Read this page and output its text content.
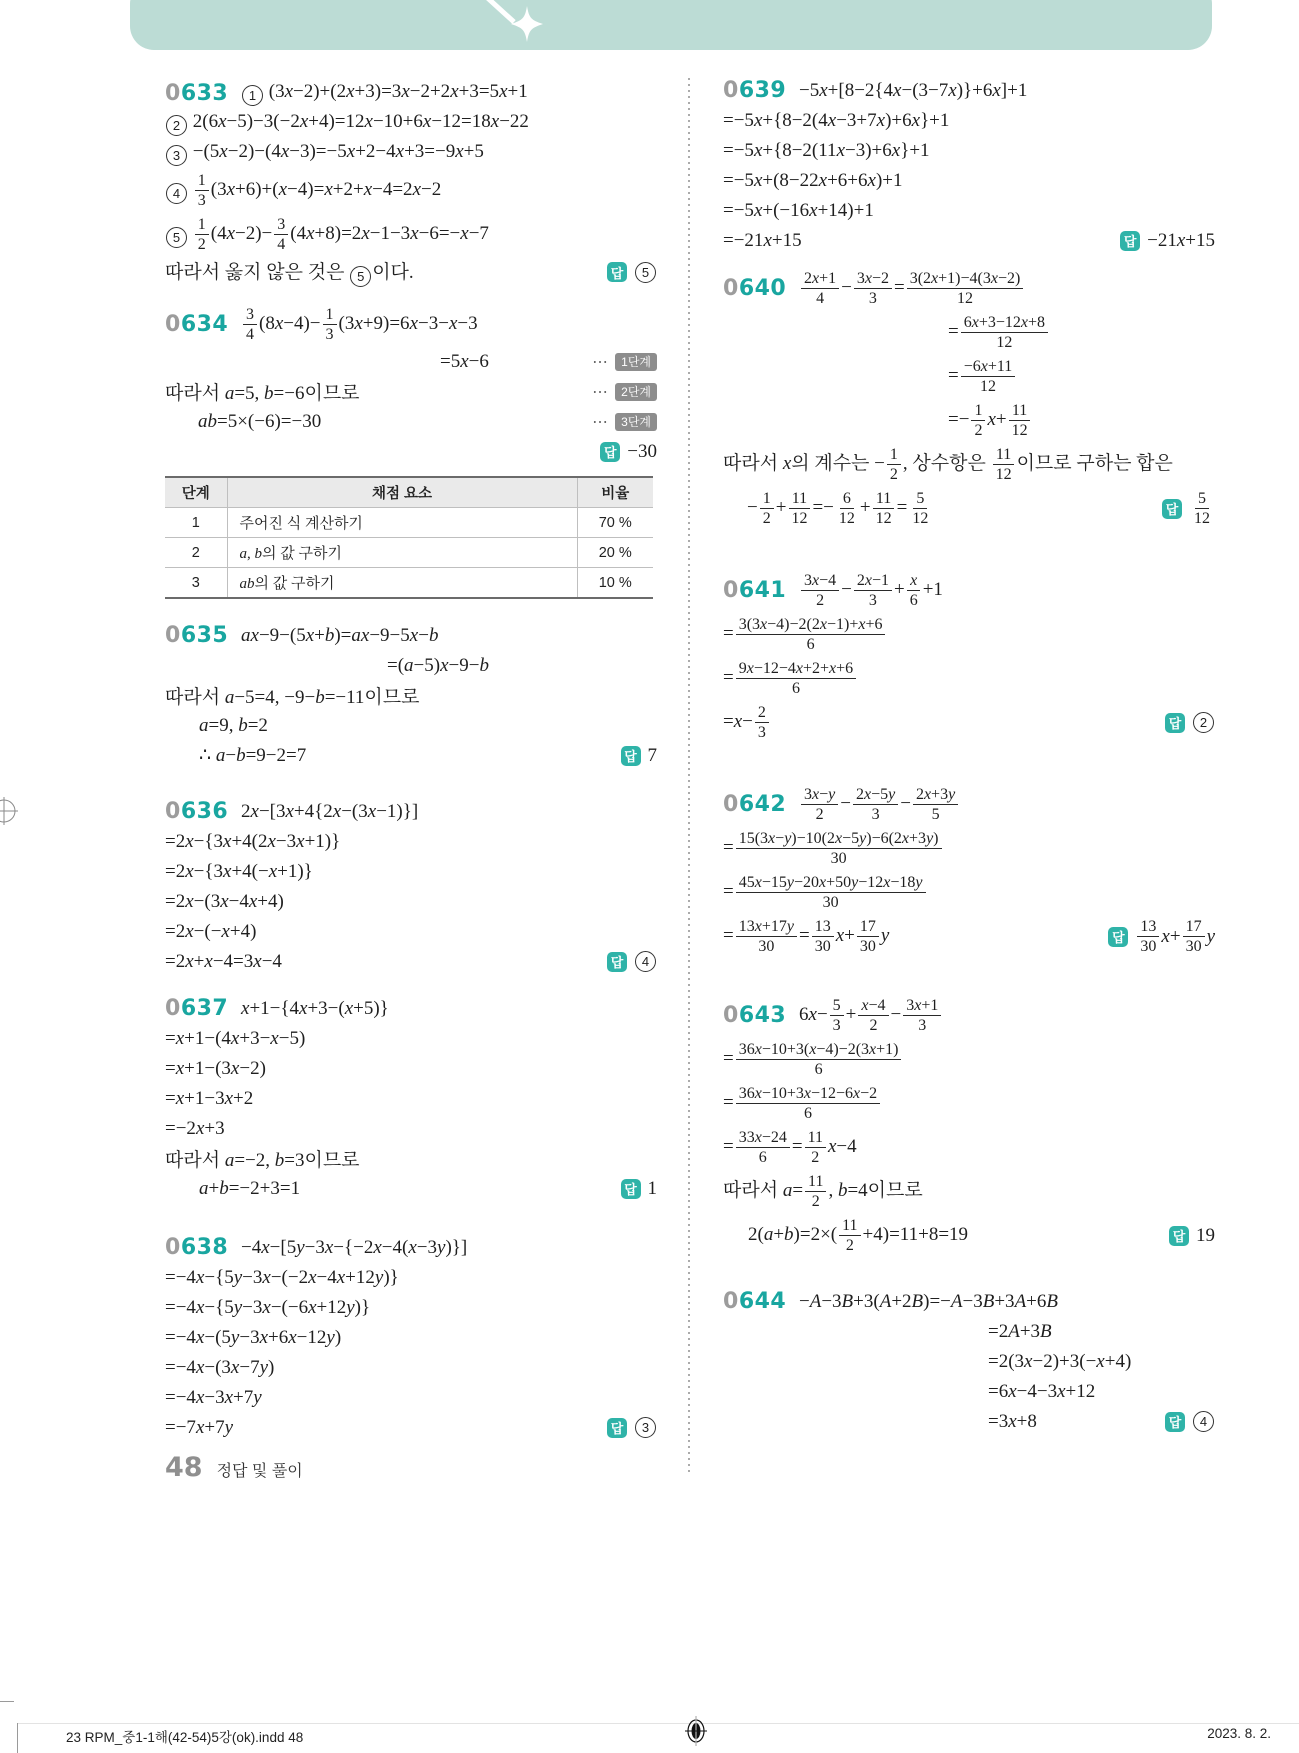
0633	1 (3x−2)+(2x+3)=3x−2+2x+3=5x+1
2 2(6x−5)−3(−2x+4)=12x−10+6x−12=18x−22
3 −(5x−2)−(4x−3)=−5x+2−4x+3=−9x+5
$4 \frac{1}{3} (3x+6)+(x-4)=x+2+x-4=2x-2$
$5 \frac{1}{2} (4x-2)- \frac{3}{4} (4x+8)=2x-1-3x-6=-x-7$
따라서 옳지 않은 것은 5 이다.	답	5
$0634 \frac{3}{4} (8x-4)- \frac{1}{3} (3x+9)=6x-3-x-3$
=5x−6	⋯	1단계
따라서 a=5, b=−6이므로	⋯	2단계
ab=5×(−6)=−30	⋯	3단계
답 −30
0635 ax−9−(5x+b)=ax−9−5x−b
=(a−5)x−9−b
따라서 a−5=4, −9−b=−11이므로
a=9, b=2
∴ a−b=9−2=7	답 7
0636 2x−[3x+4{2x−(3x−1)}]
=2x−{3x+4(2x−3x+1)}
=2x−{3x+4(−x+1)}
=2x−(3x−4x+4)
=2x−(−x+4)
=2x+x−4=3x−4	답	4
0637 x+1−{4x+3−(x+5)}
=x+1−(4x+3−x−5)
=x+1−(3x−2)
=x+1−3x+2
=−2x+3
따라서 a=−2, b=3이므로
a+b=−2+3=1	답 1
0638 −4x−[5y−3x−{−2x−4(x−3y)}]
=−4x−{5y−3x−(−2x−4x+12y)}
=−4x−{5y−3x−(−6x+12y)}
=−4x−(5y−3x+6x−12y)
=−4x−(3x−7y)
=−4x−3x+7y
=−7x+7y	답	3
단계	채점 요소	비율
1	주어진 식 계산하기	70 %
2	a, b의 값 구하기	20 %
3	ab의 값 구하기	10 %
0639 −5x+[8−2{4x−(3−7x)}+6x]+1
=−5x+{8−2(4x−3+7x)+6x}+1
=−5x+{8−2(11x−3)+6x}+1
=−5x+(8−22x+6+6x)+1
=−5x+(−16x+14)+1
=−21x+15	답 −21 x +15
$0640 \frac{2x+1}{4} - \frac{3x-2}{3} = \frac{3(2x+1)-4(3x-2)}{12}$
= $\frac{6x+3-12x+8}{12}$
= $\frac{-6x+11}{12}$
=− $\frac{1}{2} x+ \frac{11}{12}$
따라서 x의 계수는 − $\frac{1}{2}$ , 상수항은 $\frac{11}{12}$ 이므로 구하는 합은
− $\frac{1}{2} + \frac{11}{12} =- \frac{6}{12} + \frac{11}{12} = \frac{5}{12}$	답
5
12
$0641 \frac{3x-4}{2} - \frac{2x-1}{3} + \frac{x}{6} +1$
= $\frac{3(3x-4)-2(2x-1)+x+6}{6}$
= $\frac{9x-12-4x+2+x+6}{6}$
$=x- \frac{2}{3}$	답	2
$0642 \frac{3x-y}{2} - \frac{2x-5y}{3} - \frac{2x+3y}{5}$
= $\frac{15(3x-y)-10(2x-5y)-6(2x+3y)}{30}$
= $\frac{45x-15y-20x+50y-12x-18y}{30}$
= $\frac{13x+17y}{30} = \frac{13}{30} x+ \frac{17}{30}$ y	답
13
30 x + 17
30 y
0643 $6x- \frac{5}{3} + \frac{x-4}{2} - \frac{3x+1}{3}$
= $\frac{36x-10+3(x-4)-2(3x+1)}{6}$
= $\frac{36x-10+3x-12-6x-2}{6}$
= $\frac{33x-24}{6} = \frac{11}{2} x-4$
따라서 $a= \frac{11}{2}$ , b=4이므로
$2(a+b)=2\times( \frac{11}{2} +4)=11+8=19$	답 19
0644 −A−3B+3(A+2B)=−A−3B+3A+6B
=2A+3B
=2(3x−2)+3(−x+4)
=6x−4−3x+12
=3x+8	답	4
48 정답 및 풀이
23 RPM_중1-1해(42-54)5강(ok).indd 48	2023. 8. 2.
